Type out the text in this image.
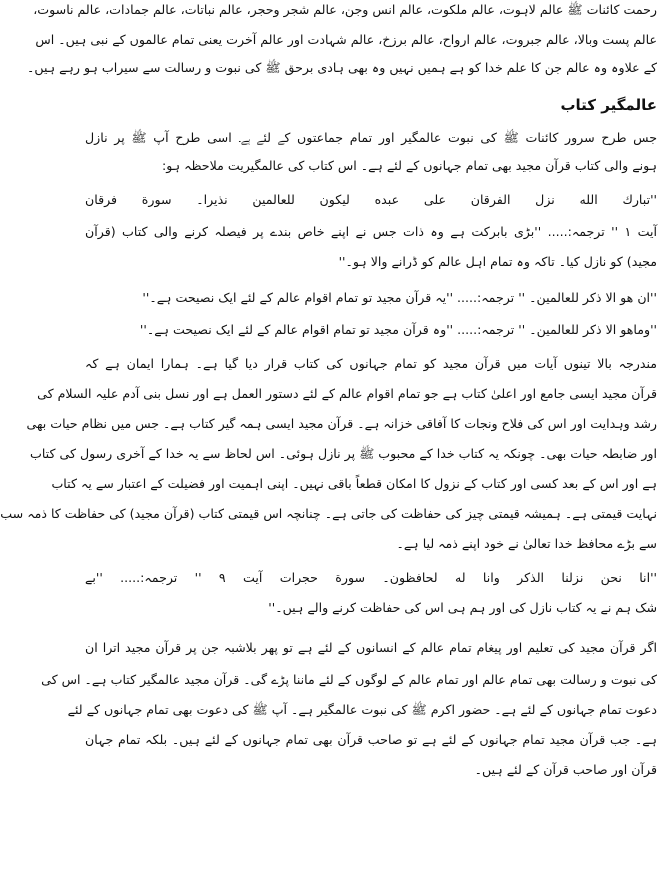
رحمت کائنات ﷺ عالم لاہوت، عالم ملکوت، عالم انس وجن، عالم شجر وحجر، عالم نباتات، عالم جمادات، عالم ناسوت،
عالم پست وبالا، عالم جبروت، عالم ارواح، عالم برزخ، عالم شہادت اور عالم آخرت یعنی تمام عالموں کے نبی ہیں۔ اس
کے علاوہ وہ عالم جن کا علم خدا کو ہے ہمیں نہیں وہ بھی ہادی برحق ﷺ کی نبوت و رسالت سے سیراب ہو رہے ہیں۔
عالمگیر کتاب
جس طرح سرور کائنات ﷺ کی نبوت عالمگیر اور تمام جماعتوں کے لئے ہے۔ اسی طرح آپ ﷺ پر نازل
ہونے والی کتاب قرآن مجید بھی تمام جہانوں کے لئے ہے۔ اس کتاب کی عالمگیریت ملاحظہ ہو:
''تبارك الله نزل الفرقان على عبده ليكون للعالمين نذيرا۔ سورة فرقان
آیت ١ '' ترجمہ:..... ''بڑی بابرکت ہے وہ ذات جس نے اپنے خاص بندے پر فیصلہ کرنے والی کتاب (قرآن
مجید) کو نازل کیا۔ تاکہ وہ تمام اہل عالم کو ڈرانے والا ہو۔''
''ان هو الا ذكر للعالمين۔ '' ترجمہ:..... ''یہ قرآن مجید تو تمام اقوام عالم کے لئے ایک نصیحت ہے۔''
''وماهو الا ذكر للعالمين۔ '' ترجمہ:..... ''وہ قرآن مجید تو تمام اقوام عالم کے لئے ایک نصیحت ہے۔''
مندرجہ بالا تینوں آیات میں قرآن مجید کو تمام جہانوں کی کتاب قرار دیا گیا ہے۔ ہمارا ایمان ہے کہ
قرآن مجید ایسی جامع اور اعلیٰ کتاب ہے جو تمام اقوام عالم کے لئے دستور العمل ہے اور نسل بنی آدم علیہ السلام کی
رشد وہدایت اور اس کی فلاح ونجات کا آفاقی خزانہ ہے۔ قرآن مجید ایسی ہمہ گیر کتاب ہے۔ جس میں نظام حیات بھی
اور ضابطہ حیات بھی۔ چونکہ یہ کتاب خدا کے محبوب ﷺ پر نازل ہوئی۔ اس لحاظ سے یہ خدا کے آخری رسول کی کتاب
ہے اور اس کے بعد کسی اور کتاب کے نزول کا امکان قطعاً باقی نہیں۔ اپنی اہمیت اور فضیلت کے اعتبار سے یہ کتاب
نہایت قیمتی ہے۔ ہمیشہ قیمتی چیز کی حفاظت کی جاتی ہے۔ چنانچہ اس قیمتی کتاب (قرآن مجید) کی حفاظت کا ذمہ سب
سے بڑے محافظ خدا تعالیٰ نے خود اپنے ذمہ لیا ہے۔
''انا نحن نزلنا الذكر وانا له لحافظون۔ سورة حجرات آیت ٩ '' ترجمہ:..... ''بے
شک ہم نے یہ کتاب نازل کی اور ہم ہی اس کی حفاظت کرنے والے ہیں۔''
اگر قرآن مجید کی تعلیم اور پیغام تمام عالم کے انسانوں کے لئے ہے تو پھر بلاشبہ جن پر قرآن مجید اترا ان
کی نبوت و رسالت بھی تمام عالم اور تمام عالم کے لوگوں کے لئے ماننا پڑے گی۔ قرآن مجید عالمگیر کتاب ہے۔ اس کی
دعوت تمام جہانوں کے لئے ہے۔ حضور اکرم ﷺ کی نبوت عالمگیر ہے۔ آپ ﷺ کی دعوت بھی تمام جہانوں کے لئے
ہے۔ جب قرآن مجید تمام جہانوں کے لئے ہے تو صاحب قرآن بھی تمام جہانوں کے لئے ہیں۔ بلکہ تمام جہان
قرآن اور صاحب قرآن کے لئے ہیں۔
